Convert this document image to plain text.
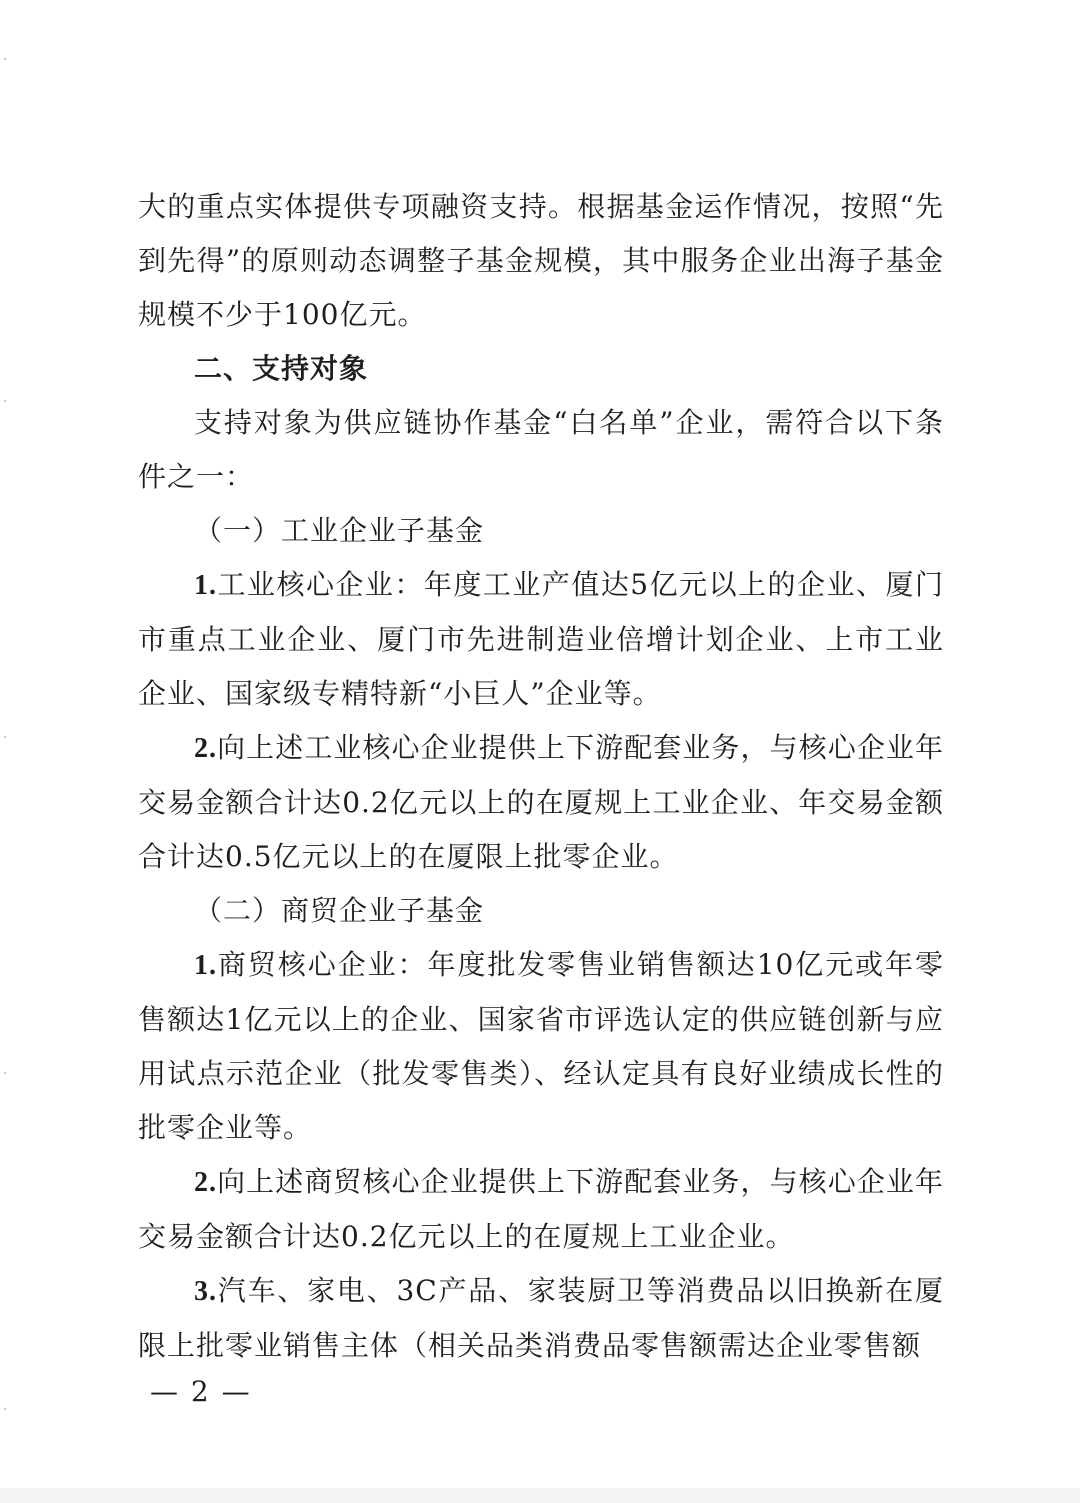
大的重点实体提供专项融资支持。根据基金运作情况，按照“先到先得”的原则动态调整子基金规模，其中服务企业出海子基金规模不少于100亿元。

二、支持对象

支持对象为供应链协作基金“白名单”企业，需符合以下条件之一：

（一）工业企业子基金

1.工业核心企业：年度工业产值达5亿元以上的企业、厦门市重点工业企业、厦门市先进制造业倍增计划企业、上市工业企业、国家级专精特新“小巨人”企业等。

2.向上述工业核心企业提供上下游配套业务，与核心企业年交易金额合计达0.2亿元以上的在厦规上工业企业、年交易金额合计达0.5亿元以上的在厦限上批零企业。

（二）商贸企业子基金

1.商贸核心企业：年度批发零售业销售额达10亿元或年零售额达1亿元以上的企业、国家省市评选认定的供应链创新与应用试点示范企业（批发零售类）、经认定具有良好业绩成长性的批零企业等。

2.向上述商贸核心企业提供上下游配套业务，与核心企业年交易金额合计达0.2亿元以上的在厦规上工业企业。

3.汽车、家电、3C产品、家装厨卫等消费品以旧换新在厦限上批零业销售主体（相关品类消费品零售额需达企业零售额

— 2 —
